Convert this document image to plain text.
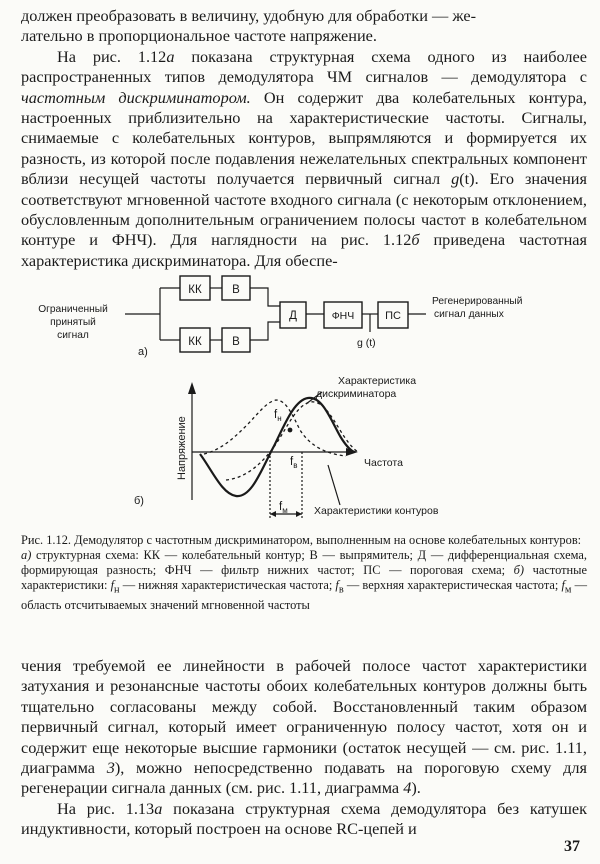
должен преобразовать в величину, удобную для обработки — же-
лательно в пропорциональное частоте напряжение.

На рис. 1.12а показана структурная схема одного из наиболее распространенных типов демодулятора ЧМ сигналов — демодулятора с частотным дискриминатором. Он содержит два колебательных контура, настроенных приблизительно на характеристические частоты. Сигналы, снимаемые с колебательных контуров, выпрямляются и формируется их разность, из которой после подавления нежелательных спектральных компонент вблизи несущей частоты получается первичный сигнал g(t). Его значения соответствуют мгновенной частоте входного сигнала (с некоторым отклонением, обусловленным дополнительным ограничением полосы частот в колебательном контуре и ФНЧ). Для наглядности на рис. 1.12б приведена частотная характеристика дискриминатора. Для обеспе-

КК
КК
В
В
Д	ФНЧ	ПС
Ограниченный
принятый
сигнал
Регенерированный
сигнал данных
g (t)
а)
Напряжение	Частота
Характеристика
дискриминатора
$f_н$
$f_в$
$f_м$	Характеристики контуров
б)

Рис. 1.12. Демодулятор с частотным дискриминатором, выполненным на основе колебательных контуров:

а) структурная схема: КК — колебательный контур; В — выпрямитель; Д — дифференциальная схема, формирующая разность; ФНЧ — фильтр нижних частот; ПС — пороговая схема; б) частотные характеристики: $f_н$ — нижняя характеристическая частота; $f_в$ — верхняя характеристическая частота; $f_м$ — область отсчитываемых значений мгновенной частоты

чения требуемой ее линейности в рабочей полосе частот характеристики затухания и резонансные частоты обоих колебательных контуров должны быть тщательно согласованы между собой. Восстановленный таким образом первичный сигнал, который имеет ограниченную полосу частот, хотя он и содержит еще некоторые высшие гармоники (остаток несущей — см. рис. 1.11, диаграмма 3), можно непосредственно подавать на пороговую схему для регенерации сигнала данных (см. рис. 1.11, диаграмма 4).

На рис. 1.13а показана структурная схема демодулятора без катушек индуктивности, который построен на основе RC-цепей и

37
